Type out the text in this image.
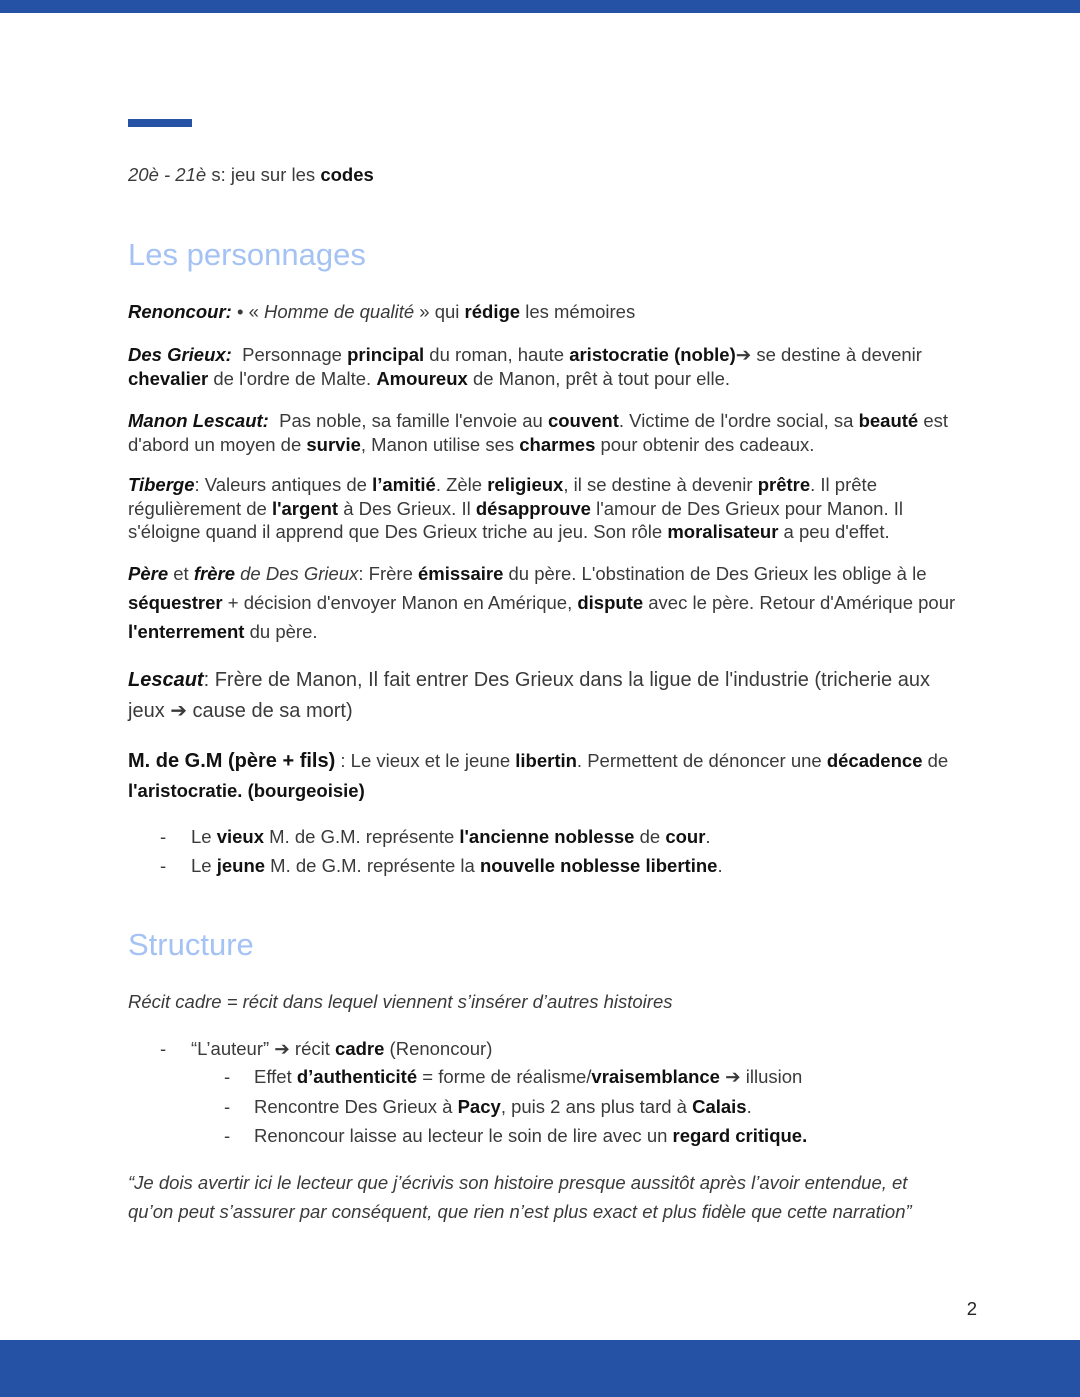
20è - 21è s: jeu sur les codes
Les personnages
Renoncour: • « Homme de qualité » qui rédige les mémoires
Des Grieux:  Personnage principal du roman, haute aristocratie (noble)➔ se destine à devenir
chevalier de l'ordre de Malte. Amoureux de Manon, prêt à tout pour elle.
Manon Lescaut:  Pas noble, sa famille l'envoie au couvent. Victime de l'ordre social, sa beauté est
d'abord un moyen de survie, Manon utilise ses charmes pour obtenir des cadeaux.
Tiberge: Valeurs antiques de l’amitié. Zèle religieux, il se destine à devenir prêtre. Il prête
régulièrement de l'argent à Des Grieux. Il désapprouve l'amour de Des Grieux pour Manon. Il
s'éloigne quand il apprend que Des Grieux triche au jeu. Son rôle moralisateur a peu d'effet.
Père et frère de Des Grieux: Frère émissaire du père. L'obstination de Des Grieux les oblige à le
séquestrer + décision d'envoyer Manon en Amérique, dispute avec le père. Retour d'Amérique pour
l'enterrement du père.
Lescaut: Frère de Manon, Il fait entrer Des Grieux dans la ligue de l'industrie (tricherie aux
jeux ➔ cause de sa mort)
M. de G.M (père + fils) : Le vieux et le jeune libertin. Permettent de dénoncer une décadence de
l'aristocratie. (bourgeoisie)
-	Le vieux M. de G.M. représente l'ancienne noblesse de cour.
-	Le jeune M. de G.M. représente la nouvelle noblesse libertine.
Structure
Récit cadre = récit dans lequel viennent s’insérer d’autres histoires
-	“L’auteur” ➔ récit cadre (Renoncour)
-	Effet d’authenticité = forme de réalisme/vraisemblance ➔ illusion
-	Rencontre Des Grieux à Pacy, puis 2 ans plus tard à Calais.
-	Renoncour laisse au lecteur le soin de lire avec un regard critique.
“Je dois avertir ici le lecteur que j’écrivis son histoire presque aussitôt après l’avoir entendue, et
qu’on peut s’assurer par conséquent, que rien n’est plus exact et plus fidèle que cette narration”
2
